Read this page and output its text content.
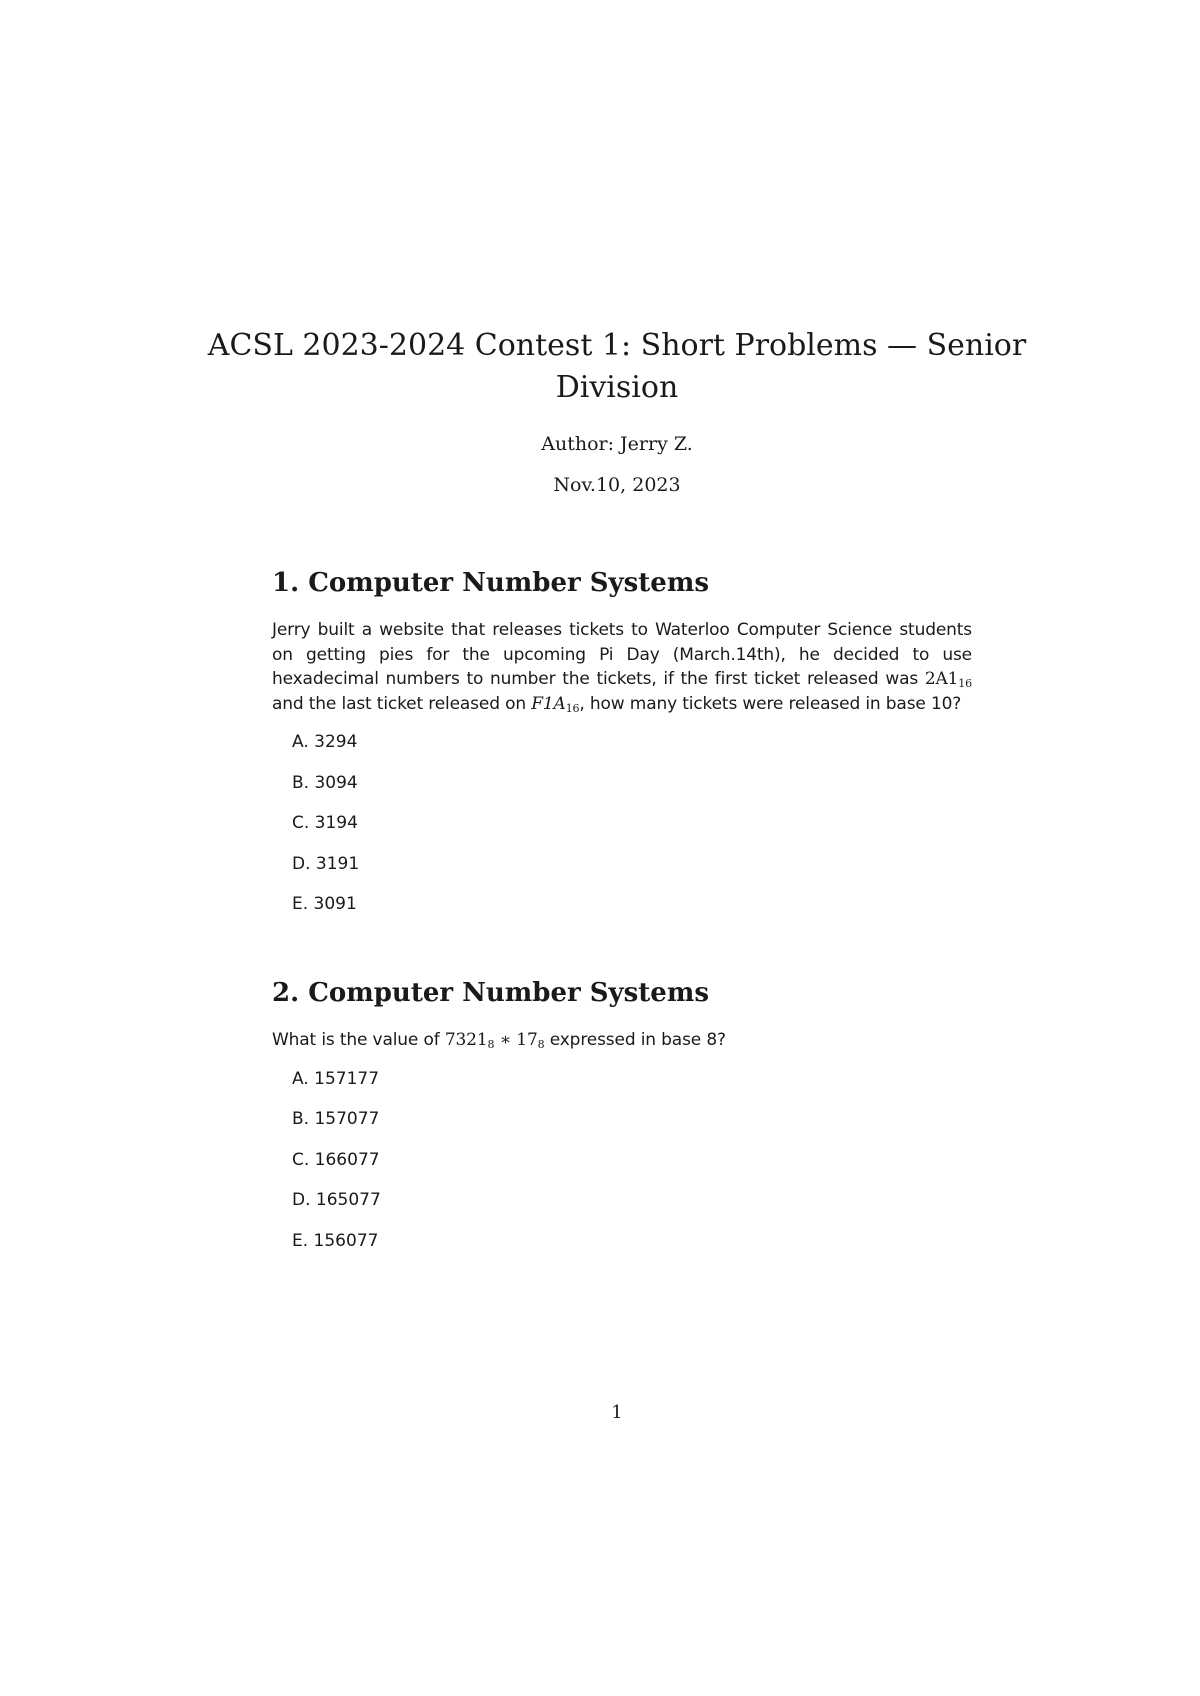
ACSL 2023-2024 Contest 1: Short Problems — Senior Division
Author: Jerry Z.
Nov.10, 2023
1. Computer Number Systems

Jerry built a website that releases tickets to Waterloo Computer Science students on getting pies for the upcoming Pi Day (March.14th), he decided to use hexadecimal numbers to number the tickets, if the first ticket released was $2A1_{16}$ and the last ticket released on $F1A_{16}$, how many tickets were released in base 10?

A. 3294
B. 3094
C. 3194
D. 3191
E. 3091
2. Computer Number Systems

What is the value of $7321_8$ ∗ $17_8$ expressed in base 8?

A. 157177
B. 157077
C. 166077
D. 165077
E. 156077
1
